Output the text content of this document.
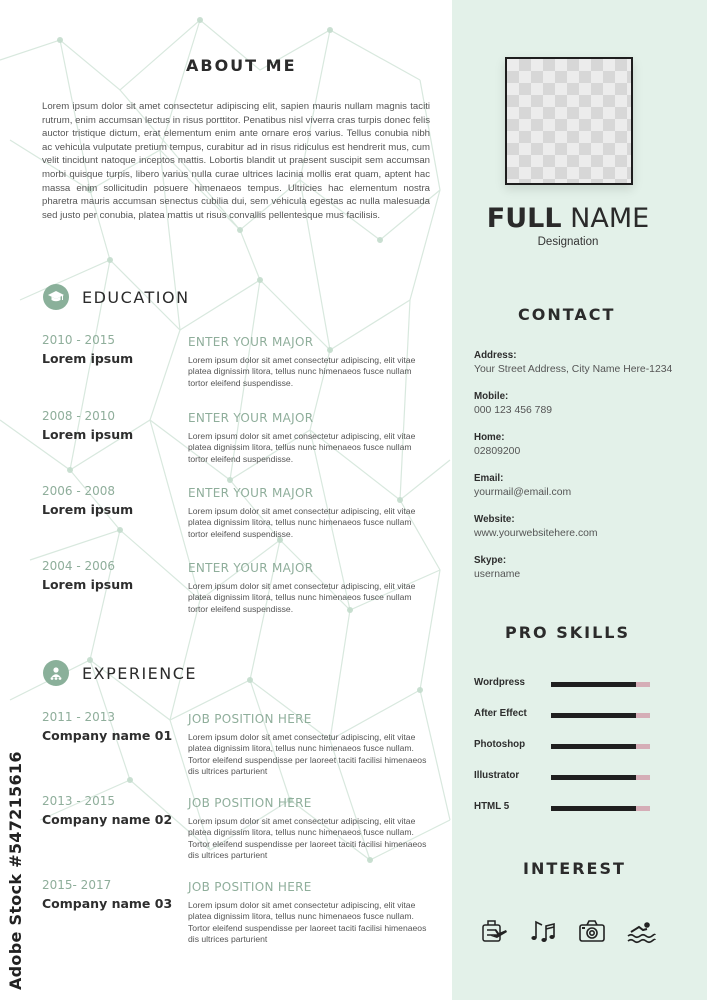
ABOUT ME

Lorem ipsum dolor sit amet consectetur adipiscing elit, sapien mauris nullam magnis taciti rutrum, enim accumsan lectus in risus porttitor. Penatibus nisl viverra cras turpis donec felis auctor tristique dictum, erat elementum enim ante ornare eros varius. Tellus conubia nibh ac vehicula vulputate pretium tempus, curabitur ad in risus ridiculus est hendrerit mus, cum velit tincidunt natoque inceptos mattis. Lobortis blandit ut praesent suscipit sem accumsan morbi quisque turpis, libero varius nulla curae ultrices lacinia mollis erat quam, aptent hac massa enim sollicitudin posuere himenaeos tempus. Ultricies hac elementum nostra pharetra mauris accumsan senectus cubilia dui, sem vehicula egestas ac nulla malesuada sed justo per conubia, platea mattis ut risus convallis pellentesque mus facilisis.

EDUCATION
2010 - 2015
Lorem ipsum
ENTER YOUR MAJOR
Lorem ipsum dolor sit amet consectetur adipiscing, elit vitae platea dignissim litora, tellus nunc himenaeos fusce nullam tortor eleifend suspendisse.
2008 - 2010
Lorem ipsum
ENTER YOUR MAJOR
Lorem ipsum dolor sit amet consectetur adipiscing, elit vitae platea dignissim litora, tellus nunc himenaeos fusce nullam tortor eleifend suspendisse.
2006 - 2008
Lorem ipsum
ENTER YOUR MAJOR
Lorem ipsum dolor sit amet consectetur adipiscing, elit vitae platea dignissim litora, tellus nunc himenaeos fusce nullam tortor eleifend suspendisse.
2004 - 2006
Lorem ipsum
ENTER YOUR MAJOR
Lorem ipsum dolor sit amet consectetur adipiscing, elit vitae platea dignissim litora, tellus nunc himenaeos fusce nullam tortor eleifend suspendisse.
EXPERIENCE
2011 - 2013
Company name 01
JOB POSITION HERE
Lorem ipsum dolor sit amet consectetur adipiscing, elit vitae platea dignissim litora, tellus nunc himenaeos fusce nullam. Tortor eleifend suspendisse per laoreet taciti facilisi himenaeos dis ultrices parturient
2013 - 2015
Company name 02
JOB POSITION HERE
Lorem ipsum dolor sit amet consectetur adipiscing, elit vitae platea dignissim litora, tellus nunc himenaeos fusce nullam. Tortor eleifend suspendisse per laoreet taciti facilisi himenaeos dis ultrices parturient
2015- 2017
Company name 03
JOB POSITION HERE
Lorem ipsum dolor sit amet consectetur adipiscing, elit vitae platea dignissim litora, tellus nunc himenaeos fusce nullam. Tortor eleifend suspendisse per laoreet taciti facilisi himenaeos dis ultrices parturient
Adobe Stock #547215616
FULL NAME
Designation
CONTACT
Address:
Your Street Address, City Name Here-1234
Mobile:
000 123 456 789
Home:
02809200
Email:
yourmail@email.com
Website:
www.yourwebsitehere.com
Skype:
username
PRO SKILLS
Wordpress
After Effect
Photoshop
Illustrator
HTML 5
INTEREST
